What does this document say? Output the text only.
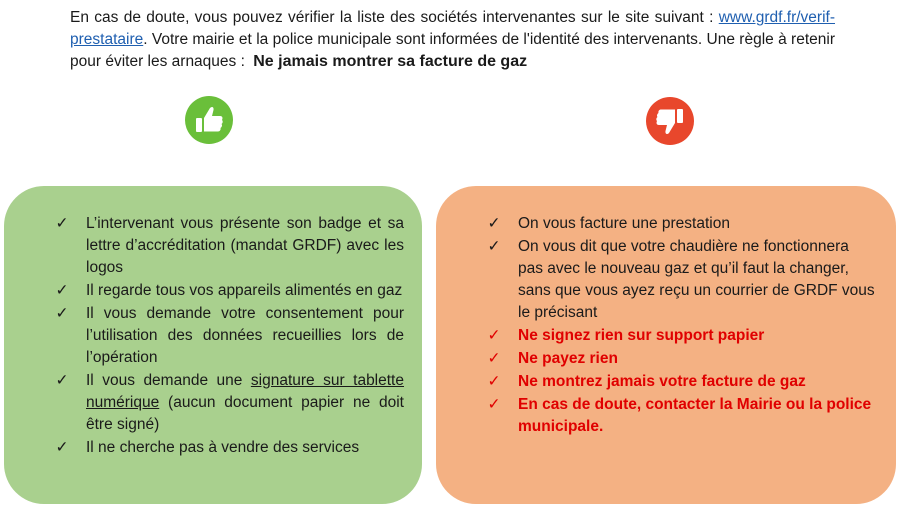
En cas de doute, vous pouvez vérifier la liste des sociétés intervenantes sur le site suivant : www.grdf.fr/verif-prestataire. Votre mairie et la police municipale sont informées de l'identité des intervenants. Une règle à retenir pour éviter les arnaques : Ne jamais montrer sa facture de gaz
✓ L’intervenant vous présente son badge et sa lettre d’accréditation (mandat GRDF) avec les logos
✓ Il regarde tous vos appareils alimentés en gaz
✓ Il vous demande votre consentement pour l’utilisation des données recueillies lors de l’opération
✓ Il vous demande une signature sur tablette numérique (aucun document papier ne doit être signé)
✓ Il ne cherche pas à vendre des services
✓ On vous facture une prestation
✓ On vous dit que votre chaudière ne fonctionnera pas avec le nouveau gaz et qu’il faut la changer, sans que vous ayez reçu un courrier de GRDF vous le précisant
✓ Ne signez rien sur support papier
✓ Ne payez rien
✓ Ne montrez jamais votre facture de gaz
✓ En cas de doute, contacter la Mairie ou la police municipale.
